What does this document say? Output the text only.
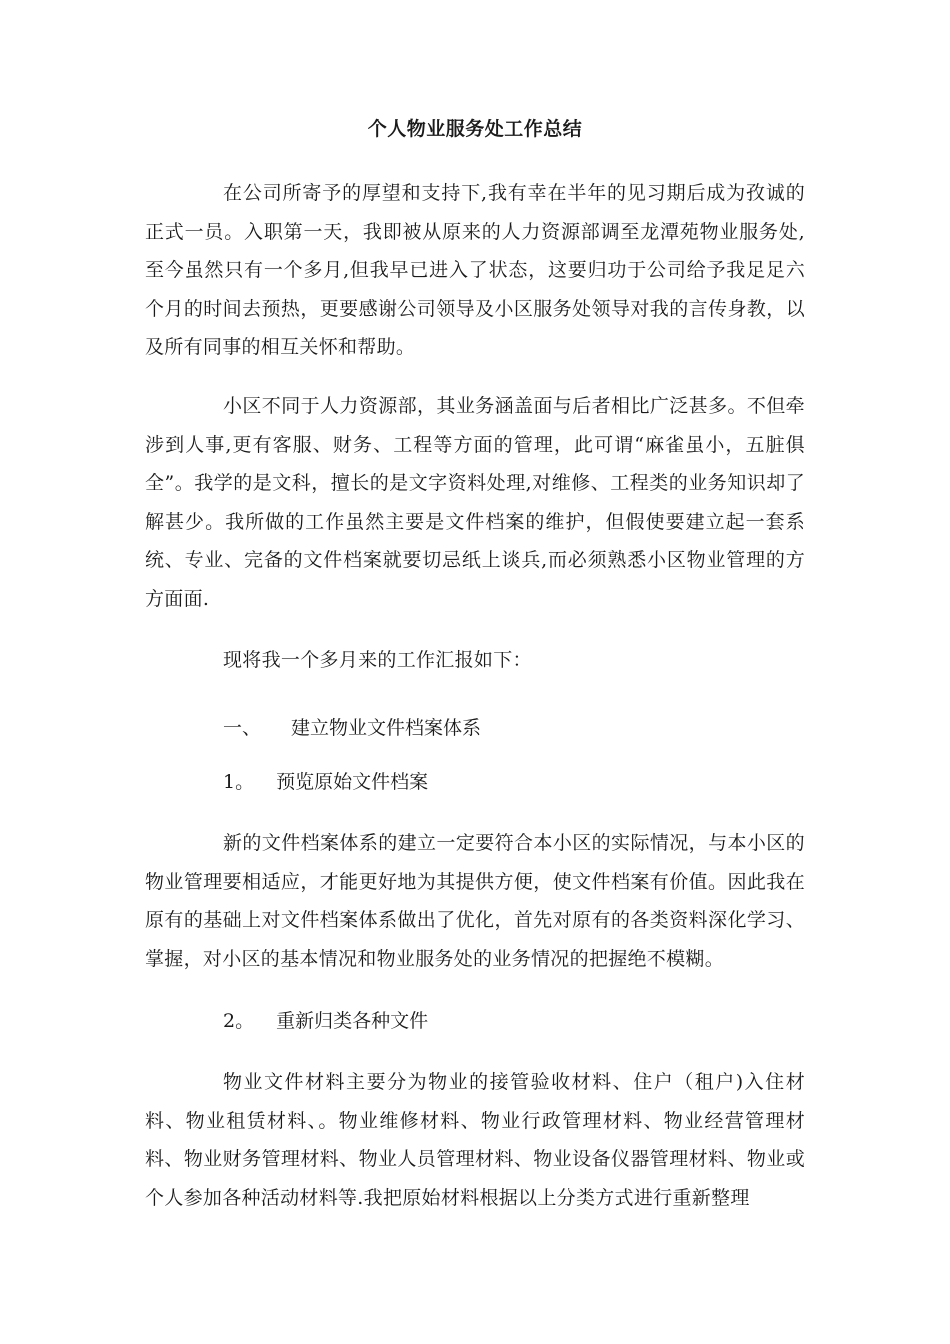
个人物业服务处工作总结
在公司所寄予的厚望和支持下,我有幸在半年的见习期后成为孜诚的正式一员。入职第一天，我即被从原来的人力资源部调至龙潭苑物业服务处,至今虽然只有一个多月,但我早已进入了状态，这要归功于公司给予我足足六个月的时间去预热，更要感谢公司领导及小区服务处领导对我的言传身教，以及所有同事的相互关怀和帮助。
小区不同于人力资源部，其业务涵盖面与后者相比广泛甚多。不但牵涉到人事,更有客服、财务、工程等方面的管理，此可谓“麻雀虽小，五脏俱全”。我学的是文科，擅长的是文字资料处理,对维修、工程类的业务知识却了解甚少。我所做的工作虽然主要是文件档案的维护，但假使要建立起一套系统、专业、完备的文件档案就要切忌纸上谈兵,而必须熟悉小区物业管理的方方面面.
现将我一个多月来的工作汇报如下：
一、 建立物业文件档案体系
1。 预览原始文件档案
新的文件档案体系的建立一定要符合本小区的实际情况，与本小区的物业管理要相适应，才能更好地为其提供方便，使文件档案有价值。因此我在原有的基础上对文件档案体系做出了优化，首先对原有的各类资料深化学习、掌握，对小区的基本情况和物业服务处的业务情况的把握绝不模糊。
2。 重新归类各种文件
物业文件材料主要分为物业的接管验收材料、住户（租户)入住材料、物业租赁材料、。物业维修材料、物业行政管理材料、物业经营管理材料、物业财务管理材料、物业人员管理材料、物业设备仪器管理材料、物业或个人参加各种活动材料等.我把原始材料根据以上分类方式进行重新整理
